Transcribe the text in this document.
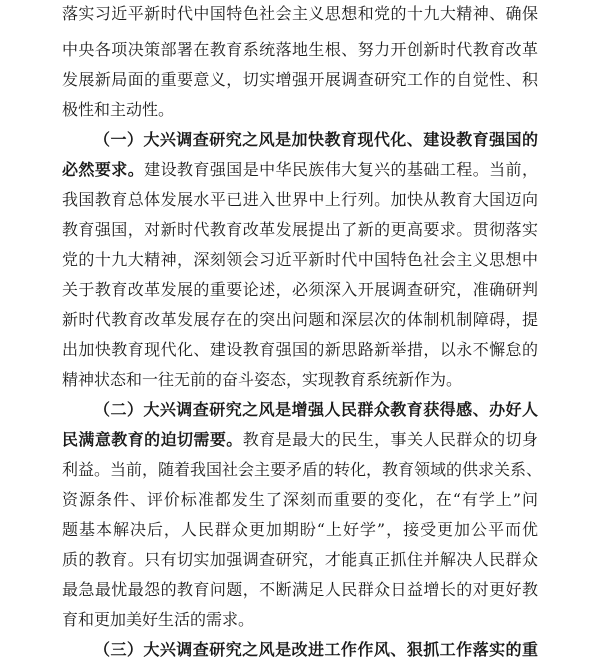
落实习近平新时代中国特色社会主义思想和党的十九大精神、确保
中央各项决策部署在教育系统落地生根、努力开创新时代教育改革
发展新局面的重要意义，切实增强开展调查研究工作的自觉性、积
极性和主动性。
（一）大兴调查研究之风是加快教育现代化、建设教育强国的
必然要求。建设教育强国是中华民族伟大复兴的基础工程。当前，
我国教育总体发展水平已进入世界中上行列。加快从教育大国迈向
教育强国，对新时代教育改革发展提出了新的更高要求。贯彻落实
党的十九大精神，深刻领会习近平新时代中国特色社会主义思想中
关于教育改革发展的重要论述，必须深入开展调查研究，准确研判
新时代教育改革发展存在的突出问题和深层次的体制机制障碍，提
出加快教育现代化、建设教育强国的新思路新举措，以永不懈怠的
精神状态和一往无前的奋斗姿态，实现教育系统新作为。
（二）大兴调查研究之风是增强人民群众教育获得感、办好人
民满意教育的迫切需要。教育是最大的民生，事关人民群众的切身
利益。当前，随着我国社会主要矛盾的转化，教育领域的供求关系、
资源条件、评价标准都发生了深刻而重要的变化，在“有学上”问
题基本解决后，人民群众更加期盼“上好学”，接受更加公平而优
质的教育。只有切实加强调查研究，才能真正抓住并解决人民群众
最急最忧最怨的教育问题，不断满足人民群众日益增长的对更好教
育和更加美好生活的需求。
（三）大兴调查研究之风是改进工作作风、狠抓工作落实的重
